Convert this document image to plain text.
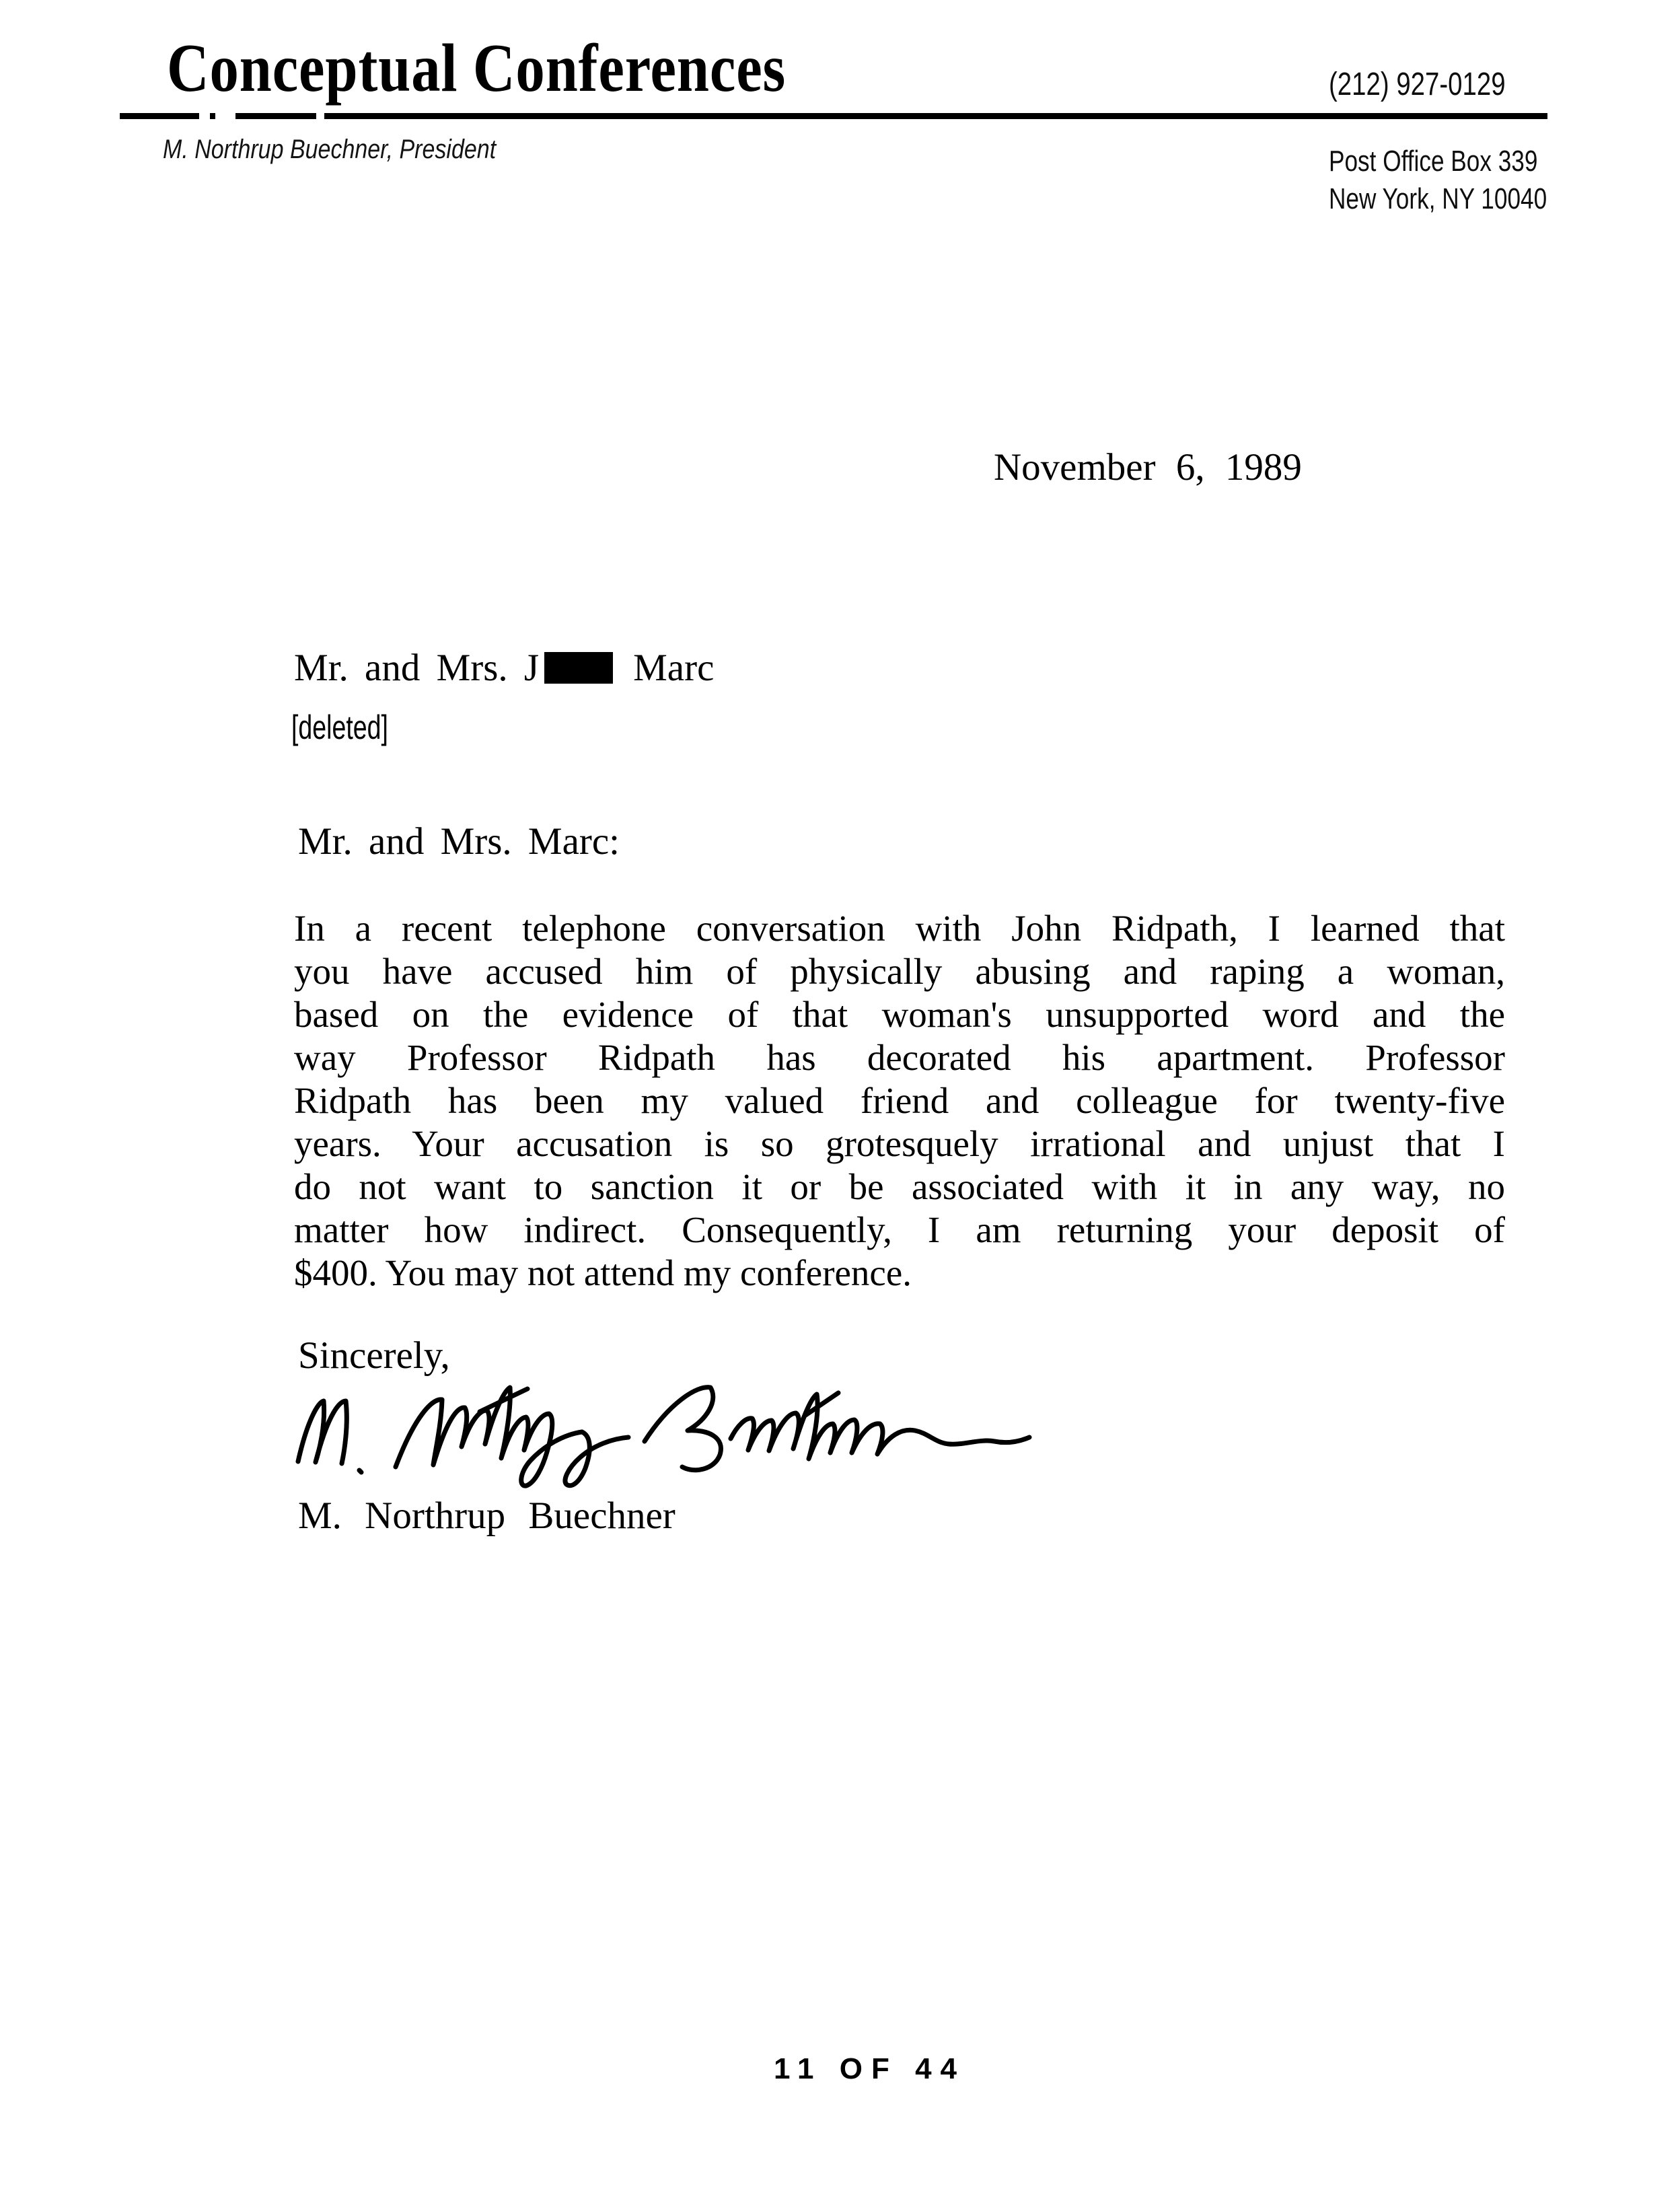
Conceptual Conferences	(212) 927-0129
M. Northrup Buechner, President	Post Office Box 339
New York, NY 10040
November 6, 1989
Mr. and Mrs. J Marc
[deleted]
Mr. and Mrs. Marc:
In a recent telephone conversation with John Ridpath, I learned that
you have accused him of physically abusing and raping a woman,
based on the evidence of that woman's unsupported word and the
way Professor Ridpath has decorated his apartment. Professor
Ridpath has been my valued friend and colleague for twenty-five
years. Your accusation is so grotesquely irrational and unjust that I
do not want to sanction it or be associated with it in any way, no
matter how indirect. Consequently, I am returning your deposit of
$400. You may not attend my conference.
Sincerely,
M. Northrup Buechner
11 OF 44
